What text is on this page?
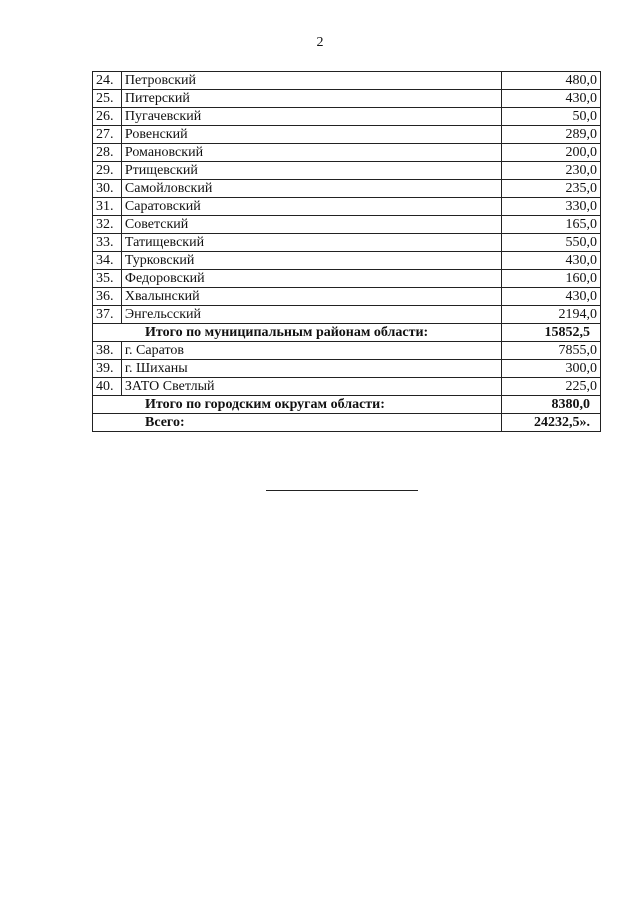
2
24.	Петровский	480,0
25.	Питерский	430,0
26.	Пугачевский	50,0
27.	Ровенский	289,0
28.	Романовский	200,0
29.	Ртищевский	230,0
30.	Самойловский	235,0
31.	Саратовский	330,0
32.	Советский	165,0
33.	Татищевский	550,0
34.	Турковский	430,0
35.	Федоровский	160,0
36.	Хвалынский	430,0
37.	Энгельсский	2194,0
Итого по муниципальным районам области:		15852,5
38.	г. Саратов	7855,0
39.	г. Шиханы	300,0
40.	ЗАТО Светлый	225,0
Итого по городским округам области:		8380,0
Всего:		24232,5».
